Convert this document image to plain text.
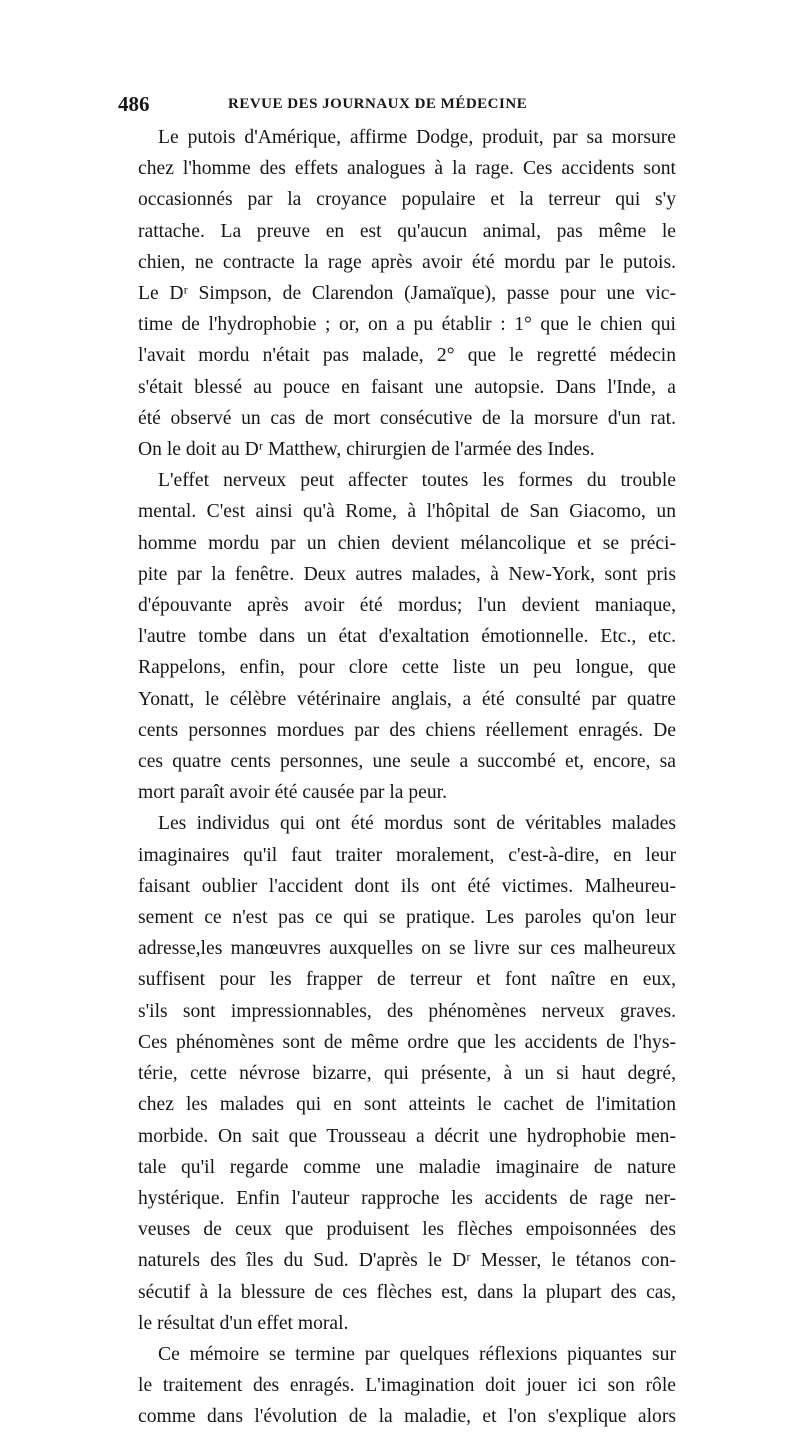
486	REVUE DES JOURNAUX DE MÉDECINE
Le putois d'Amérique, affirme Dodge, produit, par sa morsure
chez l'homme des effets analogues à la rage. Ces accidents sont
occasionnés par la croyance populaire et la terreur qui s'y
rattache. La preuve en est qu'aucun animal, pas même le
chien, ne contracte la rage après avoir été mordu par le putois.
Le Dʳ Simpson, de Clarendon (Jamaïque), passe pour une vic-
time de l'hydrophobie ; or, on a pu établir : 1° que le chien qui
l'avait mordu n'était pas malade, 2° que le regretté médecin
s'était blessé au pouce en faisant une autopsie. Dans l'Inde, a
été observé un cas de mort consécutive de la morsure d'un rat.
On le doit au Dʳ Matthew, chirurgien de l'armée des Indes.
L'effet nerveux peut affecter toutes les formes du trouble
mental. C'est ainsi qu'à Rome, à l'hôpital de San Giacomo, un
homme mordu par un chien devient mélancolique et se préci-
pite par la fenêtre. Deux autres malades, à New-York, sont pris
d'épouvante après avoir été mordus; l'un devient maniaque,
l'autre tombe dans un état d'exaltation émotionnelle. Etc., etc.
Rappelons, enfin, pour clore cette liste un peu longue, que
Yonatt, le célèbre vétérinaire anglais, a été consulté par quatre
cents personnes mordues par des chiens réellement enragés. De
ces quatre cents personnes, une seule a succombé et, encore, sa
mort paraît avoir été causée par la peur.
Les individus qui ont été mordus sont de véritables malades
imaginaires qu'il faut traiter moralement, c'est-à-dire, en leur
faisant oublier l'accident dont ils ont été victimes. Malheureu-
sement ce n'est pas ce qui se pratique. Les paroles qu'on leur
adresse,les manœuvres auxquelles on se livre sur ces malheureux
suffisent pour les frapper de terreur et font naître en eux,
s'ils sont impressionnables, des phénomènes nerveux graves.
Ces phénomènes sont de même ordre que les accidents de l'hys-
térie, cette névrose bizarre, qui présente, à un si haut degré,
chez les malades qui en sont atteints le cachet de l'imitation
morbide. On sait que Trousseau a décrit une hydrophobie men-
tale qu'il regarde comme une maladie imaginaire de nature
hystérique. Enfin l'auteur rapproche les accidents de rage ner-
veuses de ceux que produisent les flèches empoisonnées des
naturels des îles du Sud. D'après le Dʳ Messer, le tétanos con-
sécutif à la blessure de ces flèches est, dans la plupart des cas,
le résultat d'un effet moral.
Ce mémoire se termine par quelques réflexions piquantes sur
le traitement des enragés. L'imagination doit jouer ici son rôle
comme dans l'évolution de la maladie, et l'on s'explique alors
